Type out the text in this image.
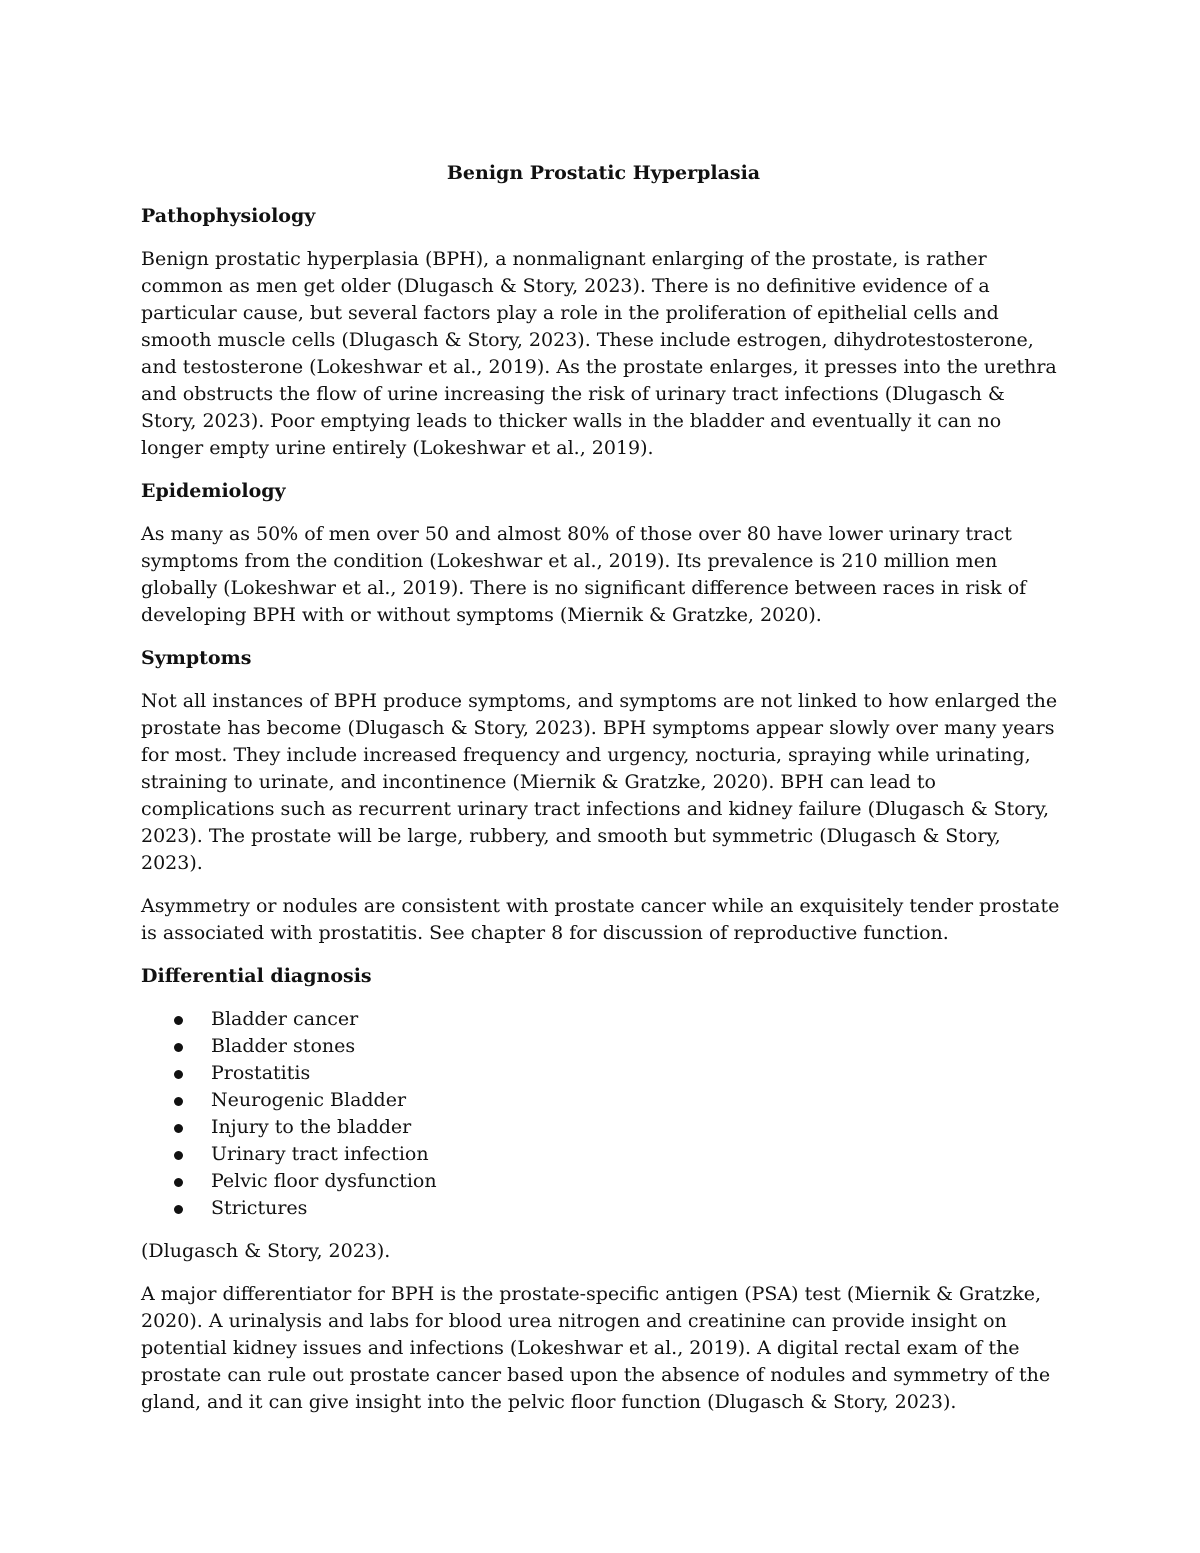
Benign Prostatic Hyperplasia
Pathophysiology

Benign prostatic hyperplasia (BPH), a nonmalignant enlarging of the prostate, is rather common as men get older (Dlugasch & Story, 2023). There is no definitive evidence of a particular cause, but several factors play a role in the proliferation of epithelial cells and smooth muscle cells (Dlugasch & Story, 2023). These include estrogen, dihydrotestosterone, and testosterone (Lokeshwar et al., 2019). As the prostate enlarges, it presses into the urethra and obstructs the flow of urine increasing the risk of urinary tract infections (Dlugasch & Story, 2023). Poor emptying leads to thicker walls in the bladder and eventually it can no longer empty urine entirely (Lokeshwar et al., 2019).

Epidemiology

As many as 50% of men over 50 and almost 80% of those over 80 have lower urinary tract symptoms from the condition (Lokeshwar et al., 2019). Its prevalence is 210 million men globally (Lokeshwar et al., 2019). There is no significant difference between races in risk of developing BPH with or without symptoms (Miernik & Gratzke, 2020).

Symptoms

Not all instances of BPH produce symptoms, and symptoms are not linked to how enlarged the prostate has become (Dlugasch & Story, 2023). BPH symptoms appear slowly over many years for most. They include increased frequency and urgency, nocturia, spraying while urinating, straining to urinate, and incontinence (Miernik & Gratzke, 2020). BPH can lead to complications such as recurrent urinary tract infections and kidney failure (Dlugasch & Story, 2023). The prostate will be large, rubbery, and smooth but symmetric (Dlugasch & Story, 2023).

Asymmetry or nodules are consistent with prostate cancer while an exquisitely tender prostate is associated with prostatitis. See chapter 8 for discussion of reproductive function.

Differential diagnosis
Bladder cancer
Bladder stones
Prostatitis
Neurogenic Bladder
Injury to the bladder
Urinary tract infection
Pelvic floor dysfunction
Strictures

(Dlugasch & Story, 2023).

A major differentiator for BPH is the prostate-specific antigen (PSA) test (Miernik & Gratzke, 2020). A urinalysis and labs for blood urea nitrogen and creatinine can provide insight on potential kidney issues and infections (Lokeshwar et al., 2019). A digital rectal exam of the prostate can rule out prostate cancer based upon the absence of nodules and symmetry of the gland, and it can give insight into the pelvic floor function (Dlugasch & Story, 2023).
